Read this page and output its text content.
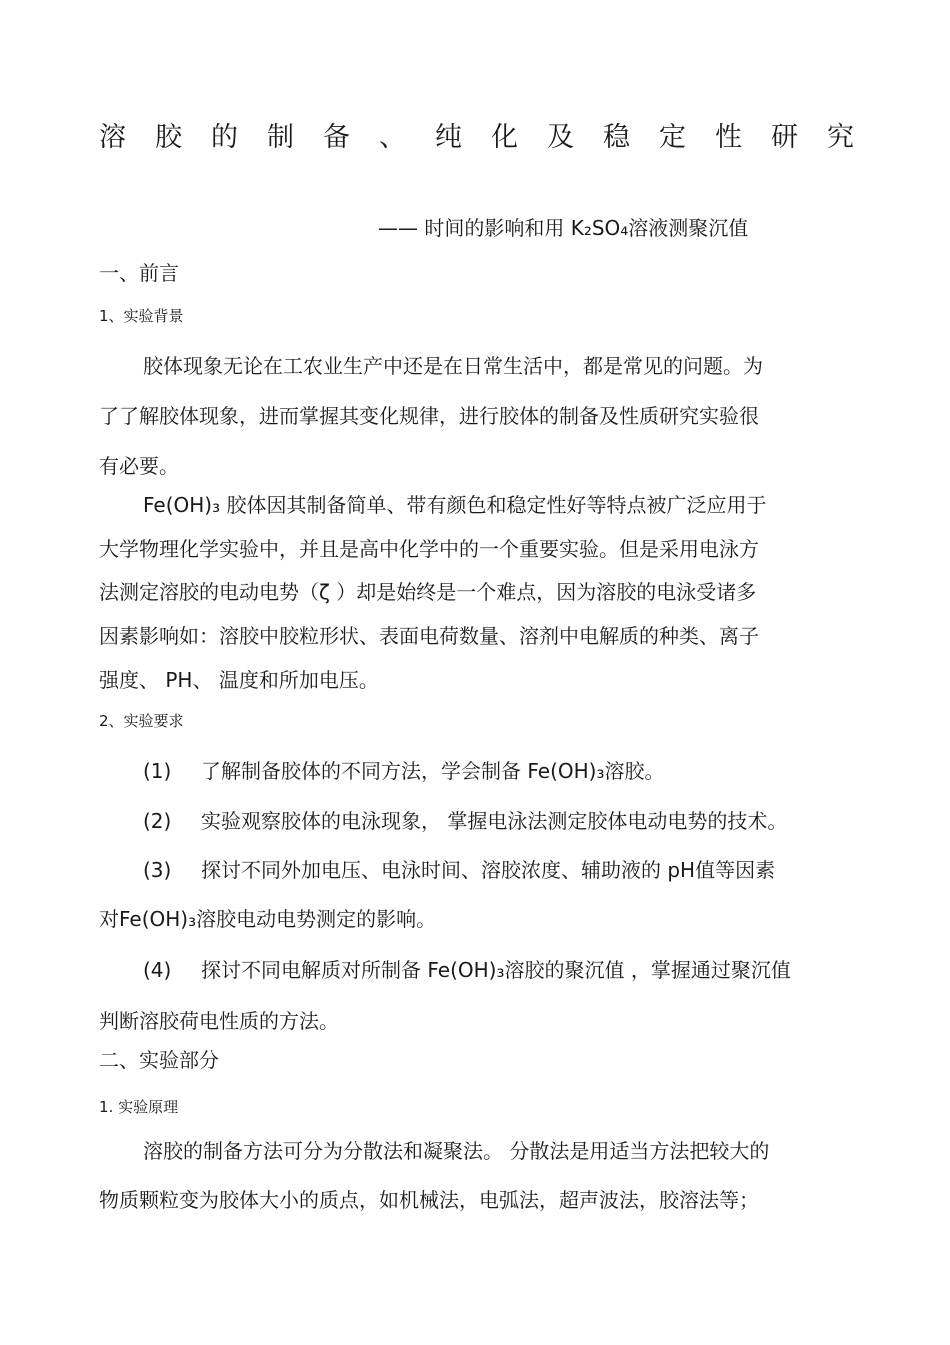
溶胶的制备、纯化及稳定性研究
—— 时间的影响和用 K₂SO₄溶液测聚沉值
一、前言
1、实验背景
胶体现象无论在工农业生产中还是在日常生活中，都是常见的问题。为
了了解胶体现象，进而掌握其变化规律，进行胶体的制备及性质研究实验很
有必要。
Fe(OH)₃ 胶体因其制备简单、带有颜色和稳定性好等特点被广泛应用于
大学物理化学实验中，并且是高中化学中的一个重要实验。但是采用电泳方
法测定溶胶的电动电势（ζ ）却是始终是一个难点，因为溶胶的电泳受诸多
因素影响如：溶胶中胶粒形状、表面电荷数量、溶剂中电解质的种类、离子
强度、 PH、 温度和所加电压。
2、实验要求
(1) 了解制备胶体的不同方法，学会制备 Fe(OH)₃溶胶。
(2) 实验观察胶体的电泳现象， 掌握电泳法测定胶体电动电势的技术。
(3) 探讨不同外加电压、电泳时间、溶胶浓度、辅助液的 pH值等因素
对Fe(OH)₃溶胶电动电势测定的影响。
(4) 探讨不同电解质对所制备 Fe(OH)₃溶胶的聚沉值 ，掌握通过聚沉值
判断溶胶荷电性质的方法。
二、实验部分
1. 实验原理
溶胶的制备方法可分为分散法和凝聚法。 分散法是用适当方法把较大的
物质颗粒变为胶体大小的质点，如机械法，电弧法，超声波法，胶溶法等；
